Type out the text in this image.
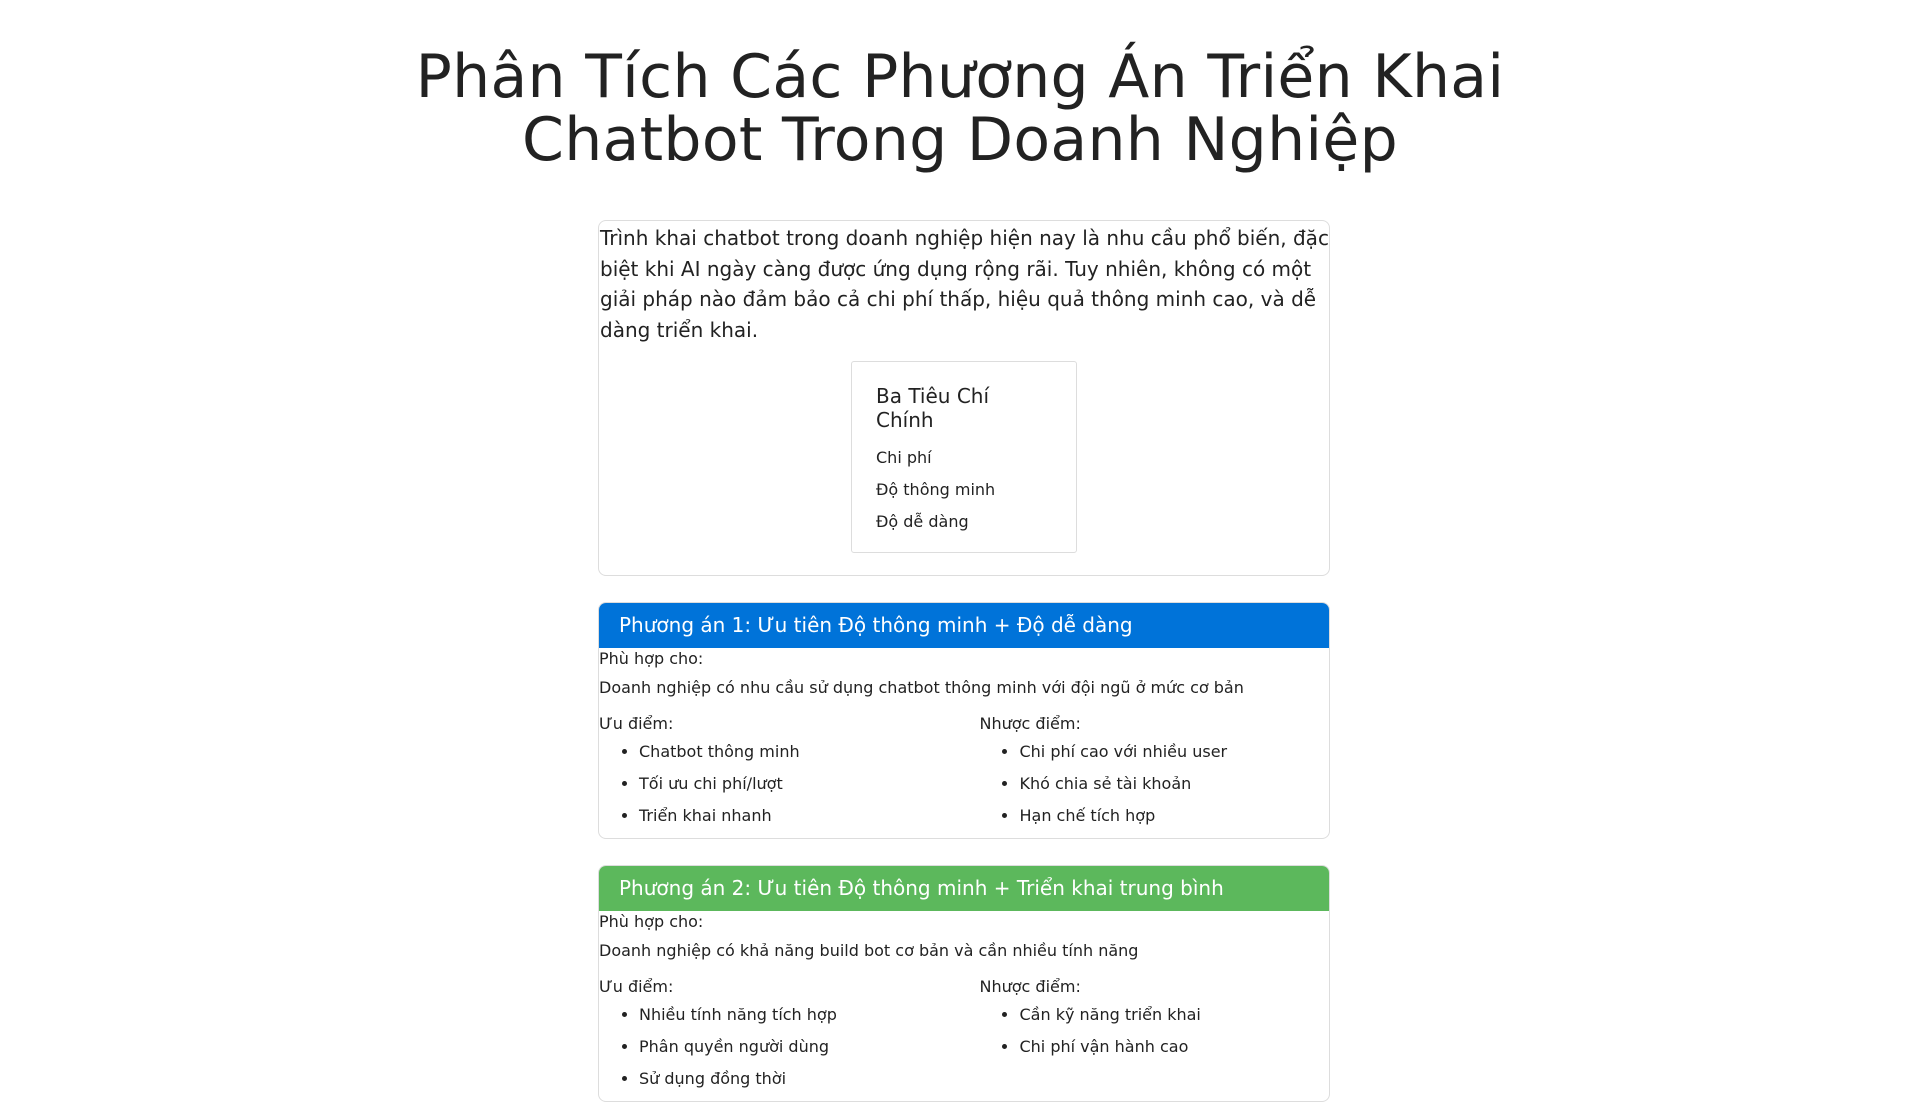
Phân Tích Các Phương Án Triển Khai
Chatbot Trong Doanh Nghiệp

Trình khai chatbot trong doanh nghiệp hiện nay là nhu cầu phổ biến, đặc biệt khi AI ngày càng được ứng dụng rộng rãi. Tuy nhiên, không có một giải pháp nào đảm bảo cả chi phí thấp, hiệu quả thông minh cao, và dễ dàng triển khai.

Ba Tiêu Chí Chính
Chi phí
Độ thông minh
Độ dễ dàng
Phương án 1: Ưu tiên Độ thông minh + Độ dễ dàng

Phù hợp cho:

Doanh nghiệp có nhu cầu sử dụng chatbot thông minh với đội ngũ ở mức cơ bản

Ưu điểm:

• Chatbot thông minh
• Tối ưu chi phí/lượt
• Triển khai nhanh

Nhược điểm:

• Chi phí cao với nhiều user
• Khó chia sẻ tài khoản
• Hạn chế tích hợp
Phương án 2: Ưu tiên Độ thông minh + Triển khai trung bình

Phù hợp cho:

Doanh nghiệp có khả năng build bot cơ bản và cần nhiều tính năng

Ưu điểm:

• Nhiều tính năng tích hợp
• Phân quyền người dùng
• Sử dụng đồng thời

Nhược điểm:

• Cần kỹ năng triển khai
• Chi phí vận hành cao
